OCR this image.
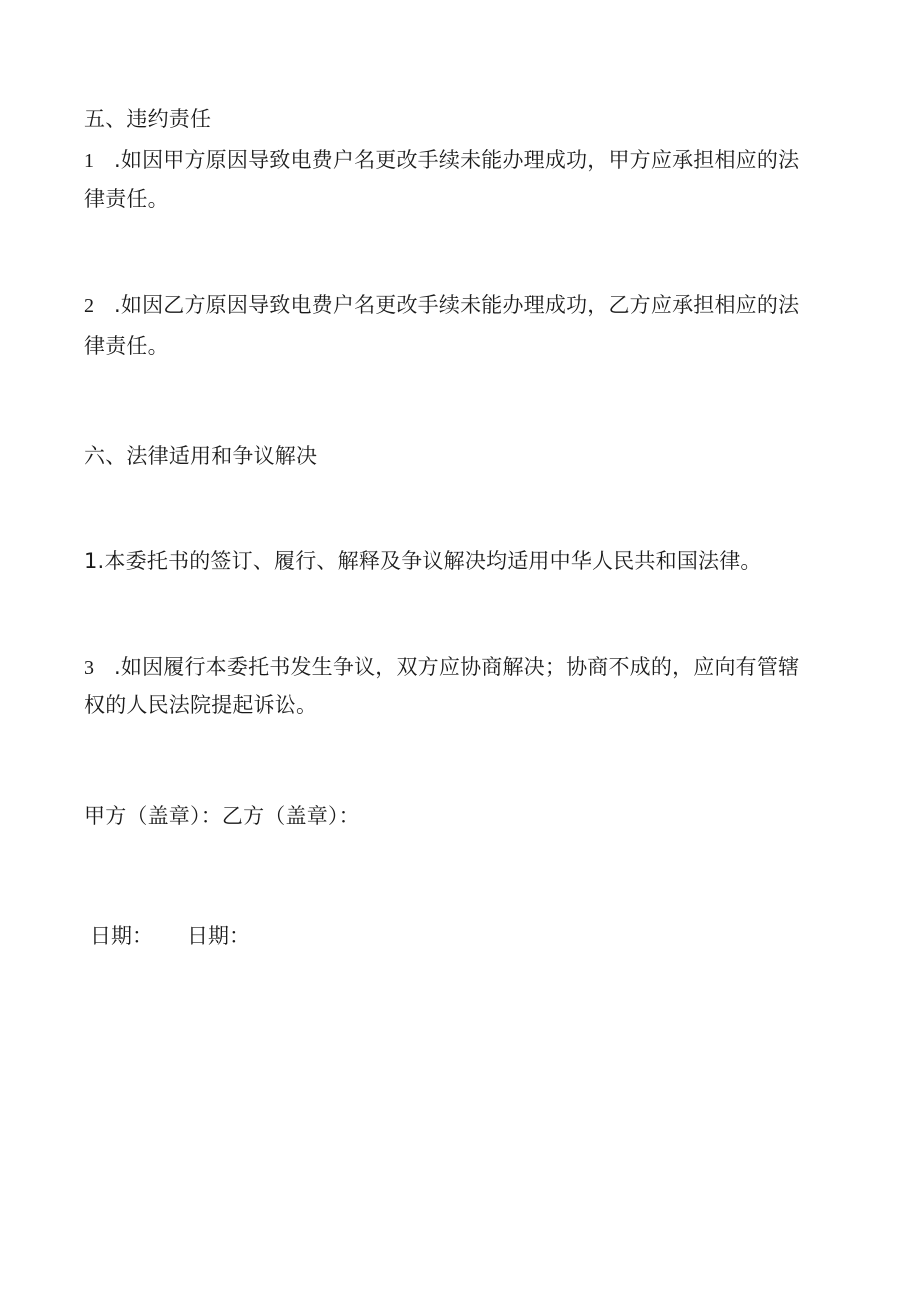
五、违约责任
1 .如因甲方原因导致电费户名更改手续未能办理成功，甲方应承担相应的法
律责任。
2 .如因乙方原因导致电费户名更改手续未能办理成功，乙方应承担相应的法
律责任。
六、法律适用和争议解决
1.本委托书的签订、履行、解释及争议解决均适用中华人民共和国法律。
3 .如因履行本委托书发生争议，双方应协商解决；协商不成的，应向有管辖
权的人民法院提起诉讼。
甲方（盖章）：乙方（盖章）：
日期： 日期：
